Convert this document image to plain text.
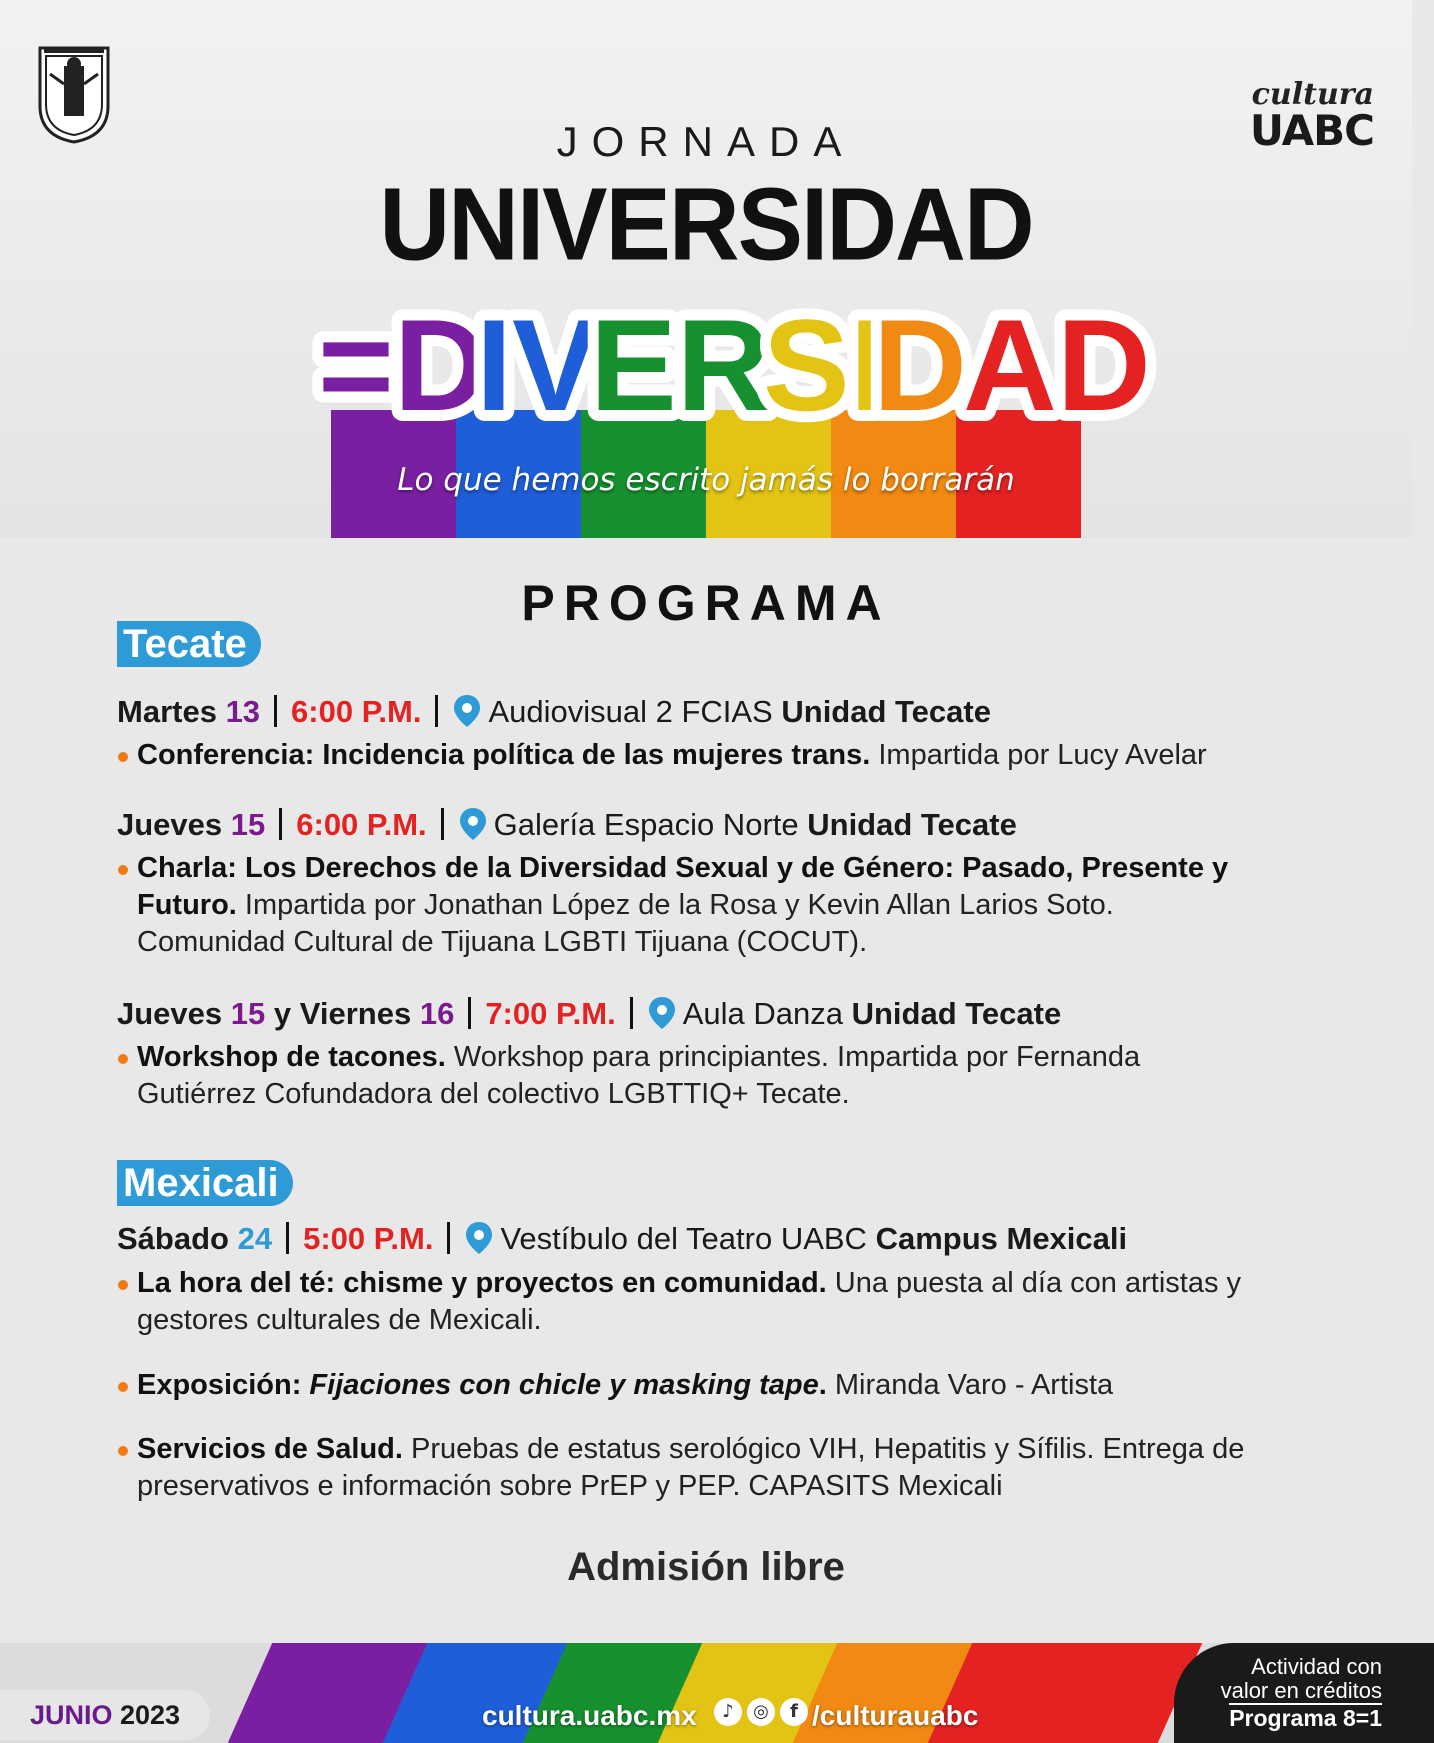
cultura
UABC
JORNADA
UNIVERSIDAD
=D
IV
ER
SI
D
AD
Lo que hemos escrito jamás lo borrarán
PROGRAMA
Tecate
Martes 13 6:00 P.M. Audiovisual 2 FCIAS Unidad Tecate
Conferencia: Incidencia política de las mujeres trans. Impartida por Lucy Avelar
Jueves 15 6:00 P.M. Galería Espacio Norte Unidad Tecate
Charla: Los Derechos de la Diversidad Sexual y de Género: Pasado, Presente y Futuro. Impartida por Jonathan López de la Rosa y Kevin Allan Larios Soto. Comunidad Cultural de Tijuana LGBTI Tijuana (COCUT).
Jueves 15 y Viernes 16 7:00 P.M. Aula Danza Unidad Tecate
Workshop de tacones. Workshop para principiantes. Impartida por Fernanda Gutiérrez Cofundadora del colectivo LGBTTIQ+ Tecate.
Mexicali
Sábado 24 5:00 P.M. Vestíbulo del Teatro UABC Campus Mexicali
La hora del té: chisme y proyectos en comunidad. Una puesta al día con artistas y gestores culturales de Mexicali.
Exposición: Fijaciones con chicle y masking tape. Miranda Varo - Artista
Servicios de Salud. Pruebas de estatus serológico VIH, Hepatitis y Sífilis. Entrega de preservativos e información sobre PrEP y PEP. CAPASITS Mexicali
Admisión libre
JUNIO 2023	cultura.uabc.mx	♪	◎	f /culturauabc
Actividad con
valor en créditos
Programa 8=1
